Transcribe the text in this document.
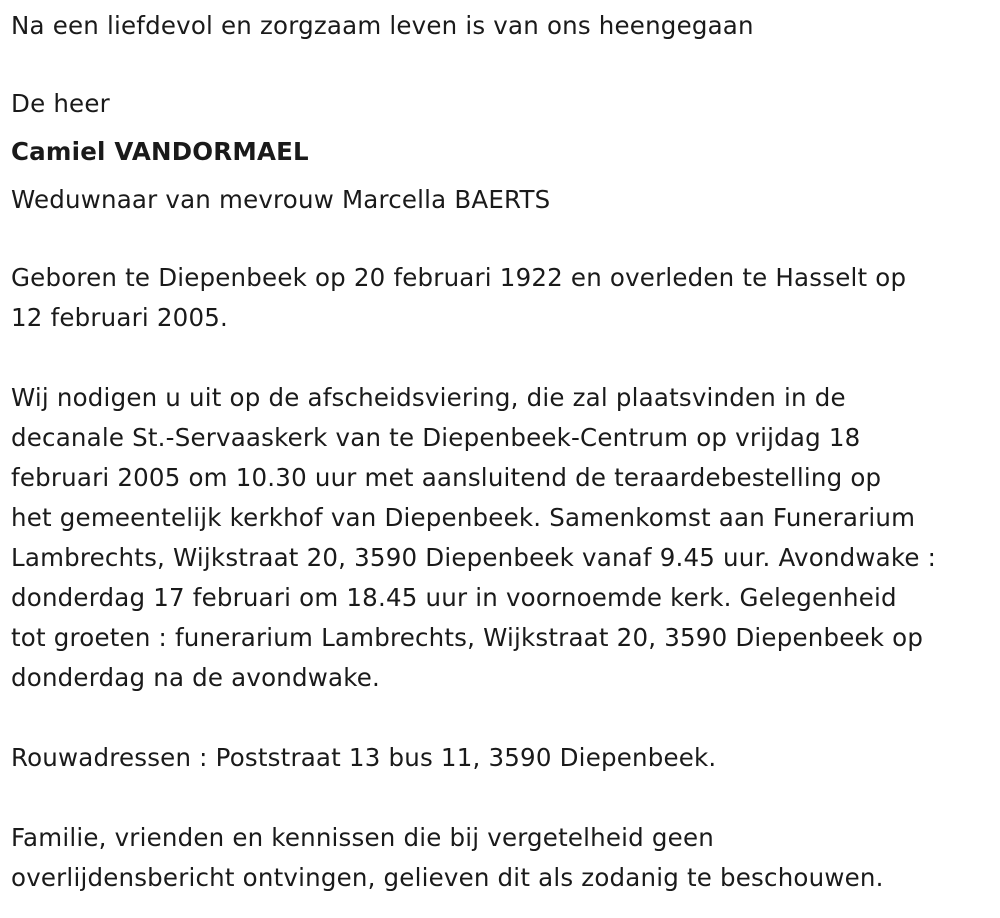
Na een liefdevol en zorgzaam leven is van ons heengegaan

De heer

Camiel VANDORMAEL

Weduwnaar van mevrouw Marcella BAERTS

Geboren te Diepenbeek op 20 februari 1922 en overleden te Hasselt op

12 februari 2005.

Wij nodigen u uit op de afscheidsviering, die zal plaatsvinden in de

decanale St.-Servaaskerk van te Diepenbeek-Centrum op vrijdag 18

februari 2005 om 10.30 uur met aansluitend de teraardebestelling op

het gemeentelijk kerkhof van Diepenbeek. Samenkomst aan Funerarium

Lambrechts, Wijkstraat 20, 3590 Diepenbeek vanaf 9.45 uur. Avondwake :

donderdag 17 februari om 18.45 uur in voornoemde kerk. Gelegenheid

tot groeten : funerarium Lambrechts, Wijkstraat 20, 3590 Diepenbeek op

donderdag na de avondwake.

Rouwadressen : Poststraat 13 bus 11, 3590 Diepenbeek.

Familie, vrienden en kennissen die bij vergetelheid geen

overlijdensbericht ontvingen, gelieven dit als zodanig te beschouwen.
